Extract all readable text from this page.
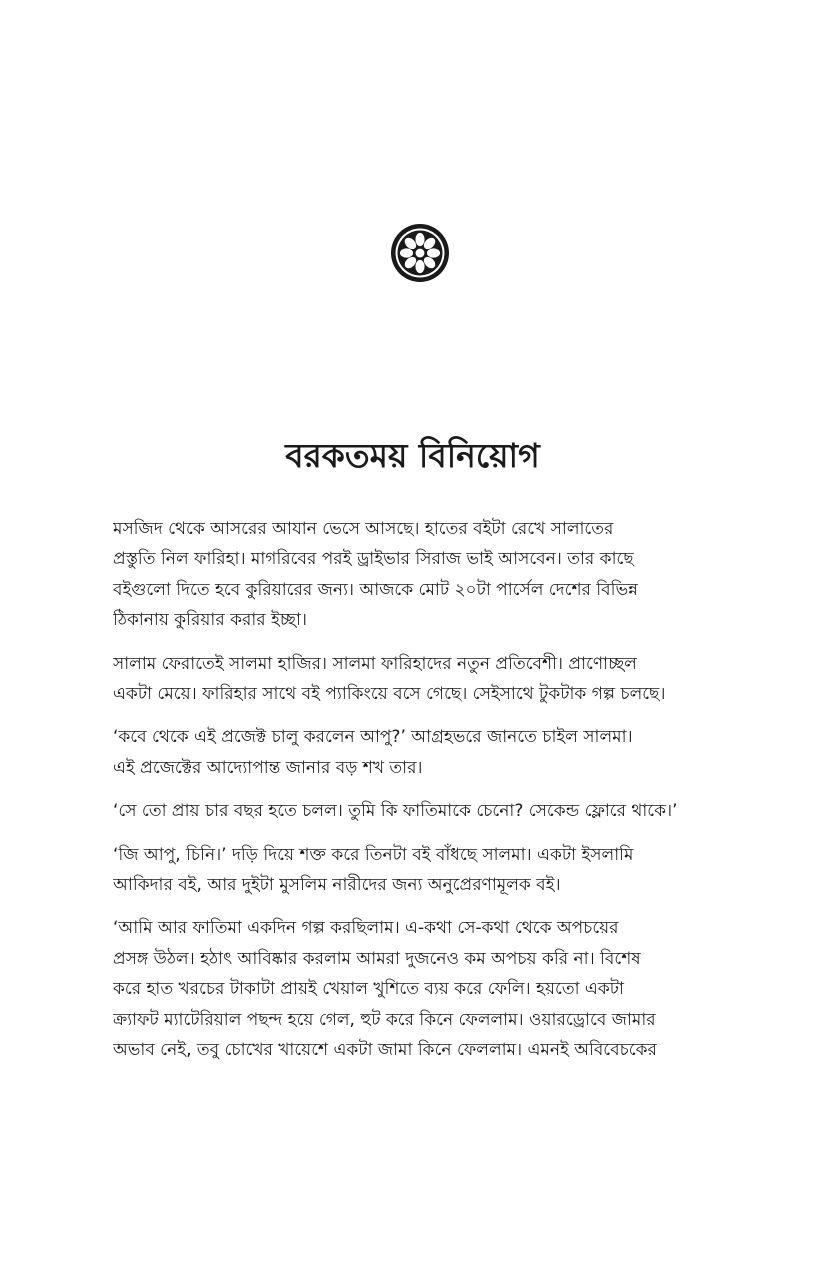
বরকতময় বিনিয়োগ

মসজিদ থেকে আসরের আযান ভেসে আসছে। হাতের বইটা রেখে সালাতের
প্রস্তুতি নিল ফারিহা। মাগরিবের পরই ড্রাইভার সিরাজ ভাই আসবেন। তার কাছে
বইগুলো দিতে হবে কুরিয়ারের জন্য। আজকে মোট ২০টা পার্সেল দেশের বিভিন্ন
ঠিকানায় কুরিয়ার করার ইচ্ছা।

সালাম ফেরাতেই সালমা হাজির। সালমা ফারিহাদের নতুন প্রতিবেশী। প্রাণোচ্ছল
একটা মেয়ে। ফারিহার সাথে বই প্যাকিংয়ে বসে গেছে। সেইসাথে টুকটাক গল্প চলছে।

‘কবে থেকে এই প্রজেক্ট চালু করলেন আপু?’ আগ্রহভরে জানতে চাইল সালমা।
এই প্রজেক্টের আদ্যোপান্ত জানার বড় শখ তার।

‘সে তো প্রায় চার বছর হতে চলল। তুমি কি ফাতিমাকে চেনো? সেকেন্ড ফ্লোরে থাকে।’

‘জি আপু, চিনি।’ দড়ি দিয়ে শক্ত করে তিনটা বই বাঁধছে সালমা। একটা ইসলামি
আকিদার বই, আর দুইটা মুসলিম নারীদের জন্য অনুপ্রেরণামূলক বই।

‘আমি আর ফাতিমা একদিন গল্প করছিলাম। এ-কথা সে-কথা থেকে অপচয়ের
প্রসঙ্গ উঠল। হঠাৎ আবিষ্কার করলাম আমরা দুজনেও কম অপচয় করি না। বিশেষ
করে হাত খরচের টাকাটা প্রায়ই খেয়াল খুশিতে ব্যয় করে ফেলি। হয়তো একটা
ক্র্যাফট ম্যাটেরিয়াল পছন্দ হয়ে গেল, হুট করে কিনে ফেললাম। ওয়ারড্রোবে জামার
অভাব নেই, তবু চোখের খায়েশে একটা জামা কিনে ফেললাম। এমনই অবিবেচকের
